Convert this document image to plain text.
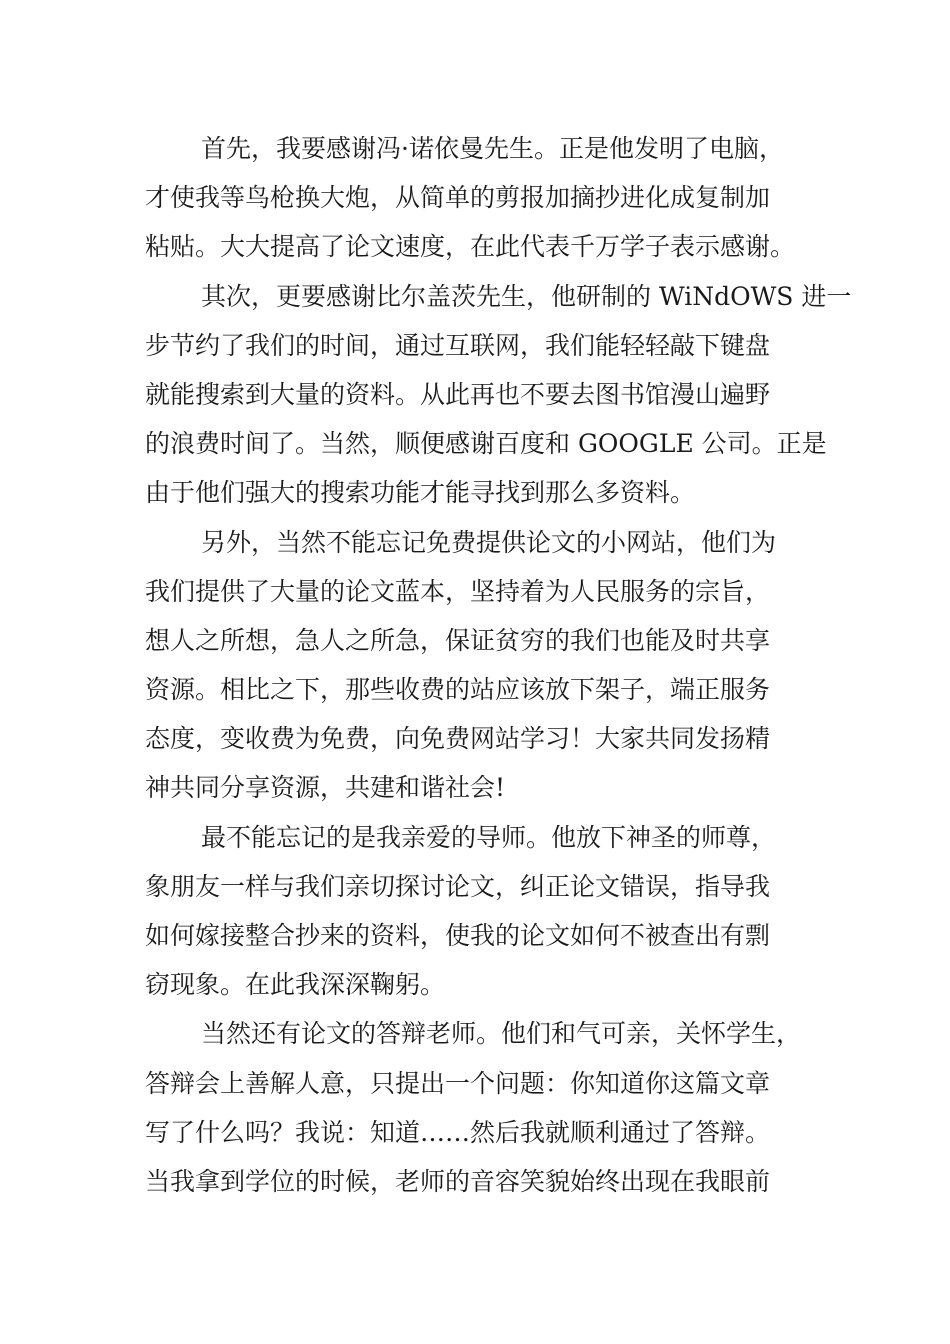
首先，我要感谢冯·诺依曼先生。正是他发明了电脑，
才使我等鸟枪换大炮，从简单的剪报加摘抄进化成复制加
粘贴。大大提高了论文速度，在此代表千万学子表示感谢。
其次，更要感谢比尔盖茨先生，他研制的 WiNdOWS 进一
步节约了我们的时间，通过互联网，我们能轻轻敲下键盘
就能搜索到大量的资料。从此再也不要去图书馆漫山遍野
的浪费时间了。当然，顺便感谢百度和 GOOGLE 公司。正是
由于他们强大的搜索功能才能寻找到那么多资料。
另外，当然不能忘记免费提供论文的小网站，他们为
我们提供了大量的论文蓝本，坚持着为人民服务的宗旨，
想人之所想，急人之所急，保证贫穷的我们也能及时共享
资源。相比之下，那些收费的站应该放下架子，端正服务
态度，变收费为免费，向免费网站学习！大家共同发扬精
神共同分享资源，共建和谐社会!
最不能忘记的是我亲爱的导师。他放下神圣的师尊，
象朋友一样与我们亲切探讨论文，纠正论文错误，指导我
如何嫁接整合抄来的资料，使我的论文如何不被查出有剽
窃现象。在此我深深鞠躬。
当然还有论文的答辩老师。他们和气可亲，关怀学生，
答辩会上善解人意，只提出一个问题：你知道你这篇文章
写了什么吗？我说：知道……然后我就顺利通过了答辩。
当我拿到学位的时候，老师的音容笑貌始终出现在我眼前
